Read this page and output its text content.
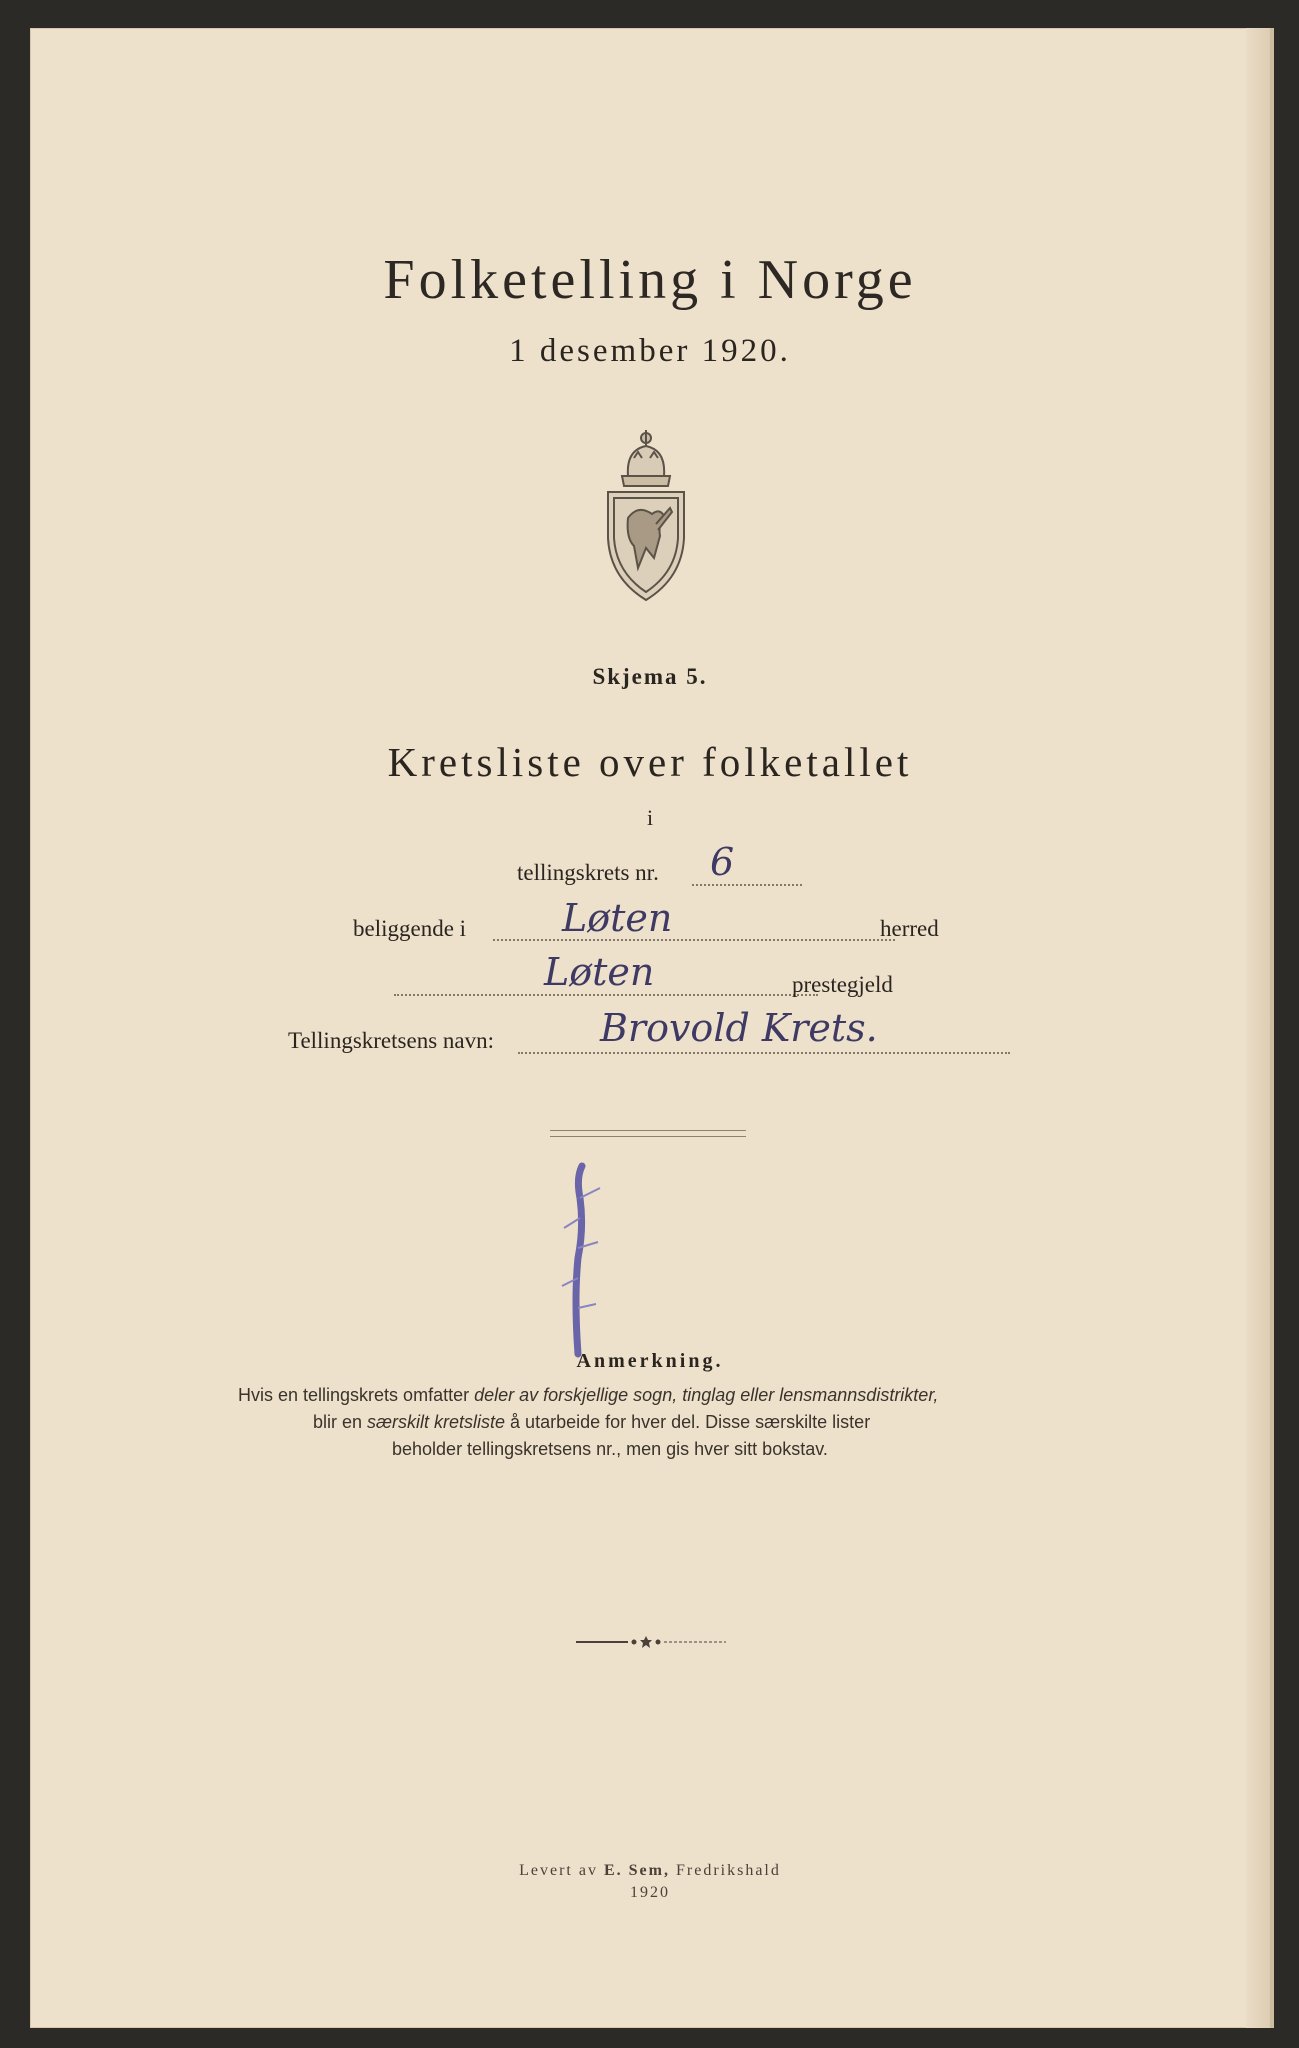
Folketelling i Norge
1 desember 1920.
Skjema 5.
Kretsliste over folketallet
i
tellingskrets nr. 6
beliggende i	Løten	herred
Løten	prestegjeld
Tellingskretsens navn:	Brovold Krets.
Anmerkning.
Hvis en tellingskrets omfatter deler av forskjellige sogn, tinglag eller lensmannsdistrikter,
blir en særskilt kretsliste å utarbeide for hver del. Disse særskilte lister
beholder tellingskretsens nr., men gis hver sitt bokstav.
Levert av E. Sem, Fredrikshald
1920
